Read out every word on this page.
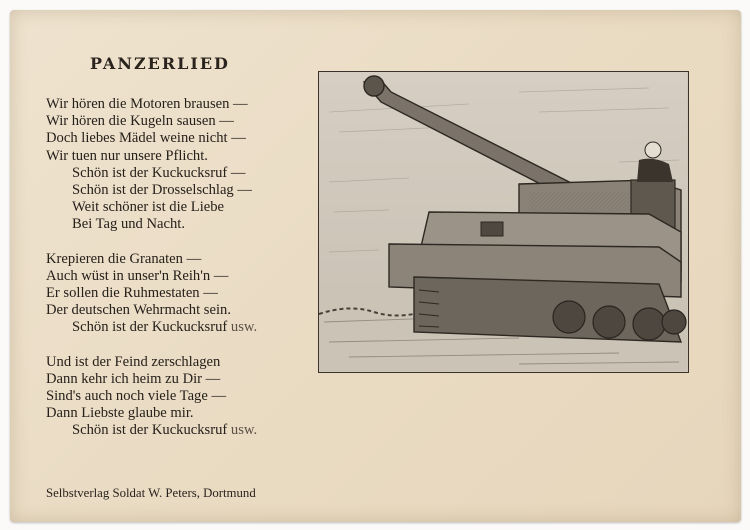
PANZERLIED
Wir hören die Motoren brausen —
Wir hören die Kugeln sausen —
Doch liebes Mädel weine nicht —
Wir tuen nur unsere Pflicht.
Schön ist der Kuckucksruf —
Schön ist der Drosselschlag —
Weit schöner ist die Liebe
Bei Tag und Nacht.
Krepieren die Granaten —
Auch wüst in unser'n Reih'n —
Er sollen die Ruhmestaten —
Der deutschen Wehrmacht sein.
Schön ist der Kuckucksruf usw.
Und ist der Feind zerschlagen
Dann kehr ich heim zu Dir —
Sind's auch noch viele Tage —
Dann Liebste glaube mir.
Schön ist der Kuckucksruf usw.
Selbstverlag Soldat W. Peters, Dortmund
